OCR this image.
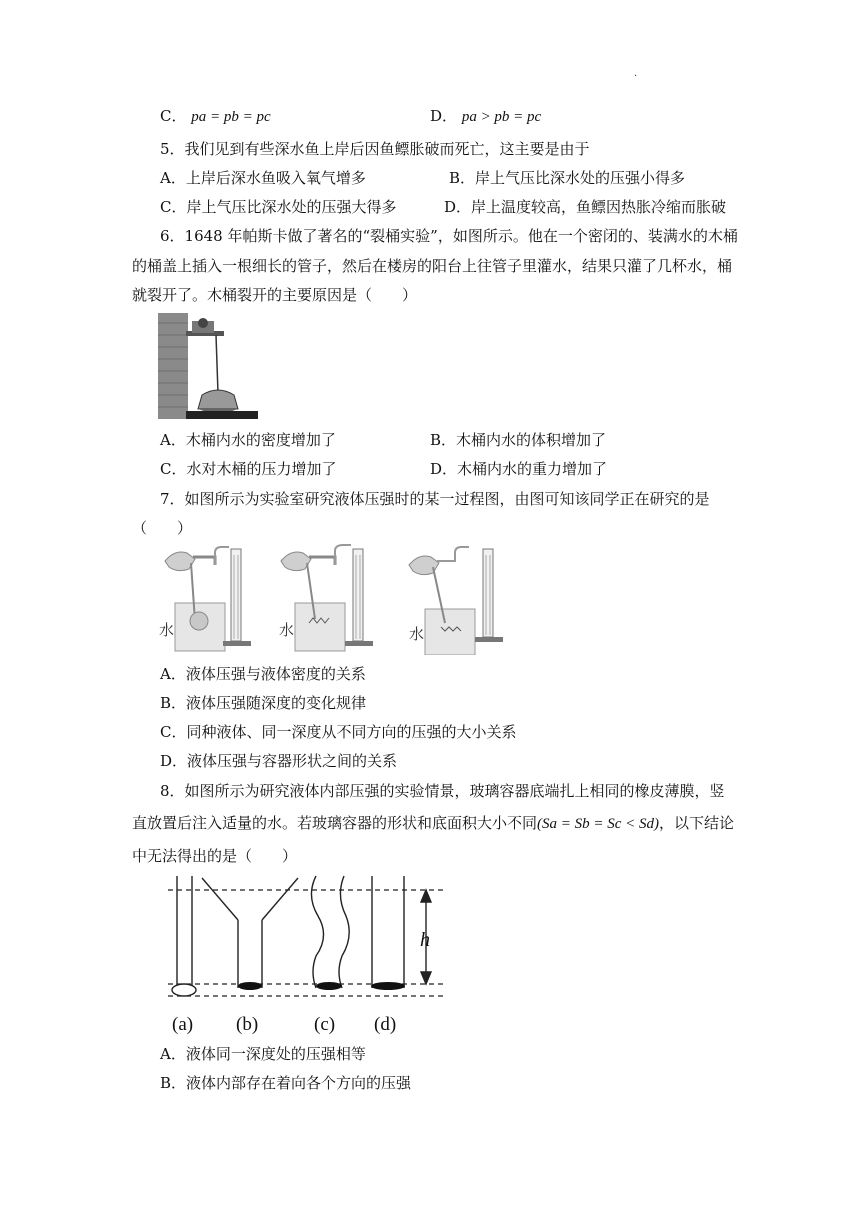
.
C． pa = pb = pc	D． pa > pb = pc
5．我们见到有些深水鱼上岸后因鱼鳔胀破而死亡，这主要是由于
A．上岸后深水鱼吸入氧气增多	B．岸上气压比深水处的压强小得多
C．岸上气压比深水处的压强大得多	D．岸上温度较高，鱼鳔因热胀冷缩而胀破
6．1648 年帕斯卡做了著名的“裂桶实验”，如图所示。他在一个密闭的、装满水的木桶
的桶盖上插入一根细长的管子，然后在楼房的阳台上往管子里灌水，结果只灌了几杯水，桶
就裂开了。木桶裂开的主要原因是（　　）
A．木桶内水的密度增加了	B．木桶内水的体积增加了
C．水对木桶的压力增加了	D．木桶内水的重力增加了
7．如图所示为实验室研究液体压强时的某一过程图，由图可知该同学正在研究的是
（　　）
水	水	水
A．液体压强与液体密度的关系
B．液体压强随深度的变化规律
C．同种液体、同一深度从不同方向的压强的大小关系
D．液体压强与容器形状之间的关系
8．如图所示为研究液体内部压强的实验情景，玻璃容器底端扎上相同的橡皮薄膜，竖
直放置后注入适量的水。若玻璃容器的形状和底面积大小不同(Sa = Sb = Sc < Sd)，以下结论
中无法得出的是（　　）
h
(a) (b)	(c) (d)
A．液体同一深度处的压强相等
B．液体内部存在着向各个方向的压强
